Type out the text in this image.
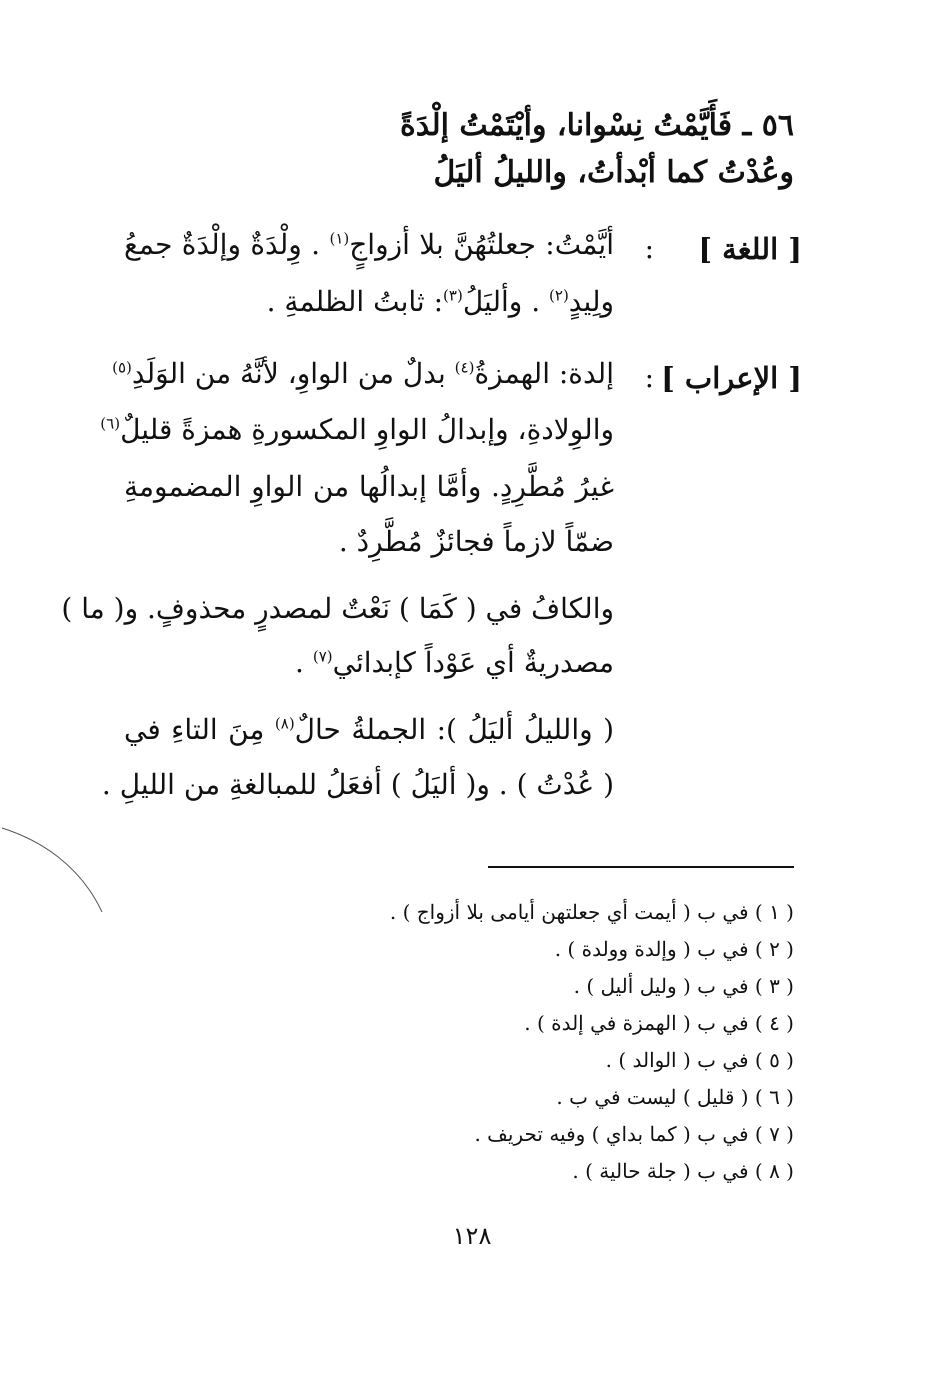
٥٦ ـ فَأَيَّمْتُ نِسْوانا، وأيْتَمْتُ إلْدَةً
وعُدْتُ كما أبْدأتُ، والليلُ أليَلُ
[ اللغة ]
:
أيَّمْتُ: جعلتُهُنَّ بلا أزواجٍ$^{(١)}$ . وِلْدَةٌ وإلْدَةٌ جمعُ
ولِيدٍ$^{(٢)}$ . وأليَلُ$^{(٣)}$: ثابتُ الظلمةِ .
[ الإعراب ]
:
إلدة: الهمزةُ$^{(٤)}$ بدلٌ من الواوِ، لأنَّهُ من الوَلَدِ$^{(٥)}$
والوِلادةِ، وإبدالُ الواوِ المكسورةِ همزةً قليلٌ$^{(٦)}$
غيرُ مُطَّرِدٍ. وأمَّا إبدالُها من الواوِ المضمومةِ
ضمّاً لازماً فجائزٌ مُطَّرِدٌ .
والكافُ في ( كَمَا ) نَعْتٌ لمصدرٍ محذوفٍ. و( ما )
مصدريةٌ أي عَوْداً كإبدائي$^{(٧)}$ .
( والليلُ أليَلُ ): الجملةُ حالٌ$^{(٨)}$ مِنَ التاءِ في
( عُدْتُ ) . و( أليَلُ ) أفعَلُ للمبالغةِ من الليلِ .
( ١ ) في ب ( أيمت أي جعلتهن أيامى بلا أزواج ) .
( ٢ ) في ب ( وإلدة وولدة ) .
( ٣ ) في ب ( وليل أليل ) .
( ٤ ) في ب ( الهمزة في إلدة ) .
( ٥ ) في ب ( الوالد ) .
( ٦ ) ( قليل ) ليست في ب .
( ٧ ) في ب ( كما بداي ) وفيه تحريف .
( ٨ ) في ب ( جلة حالية ) .
١٢٨
